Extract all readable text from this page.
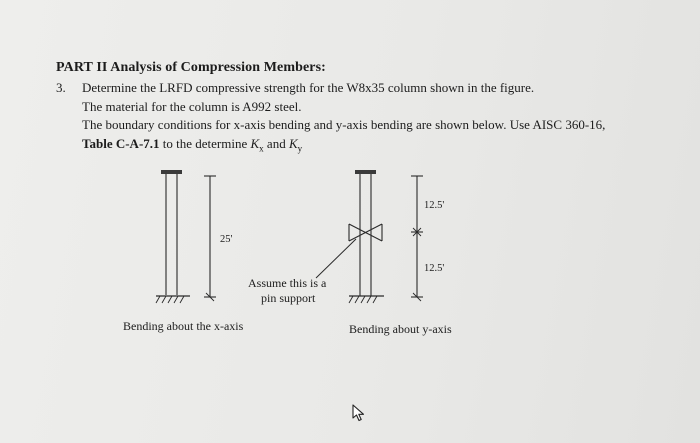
PART II Analysis of Compression Members:
3. Determine the LRFD compressive strength for the W8x35 column shown in the figure.
The material for the column is A992 steel.
The boundary conditions for x-axis bending and y-axis bending are shown below. Use AISC 360-16,
Table C-A-7.1 to the determine $K_x$ and $K_y$
25'
12.5'
12.5'
Assume this is a
pin support
Bending about the x-axis	Bending about y-axis
